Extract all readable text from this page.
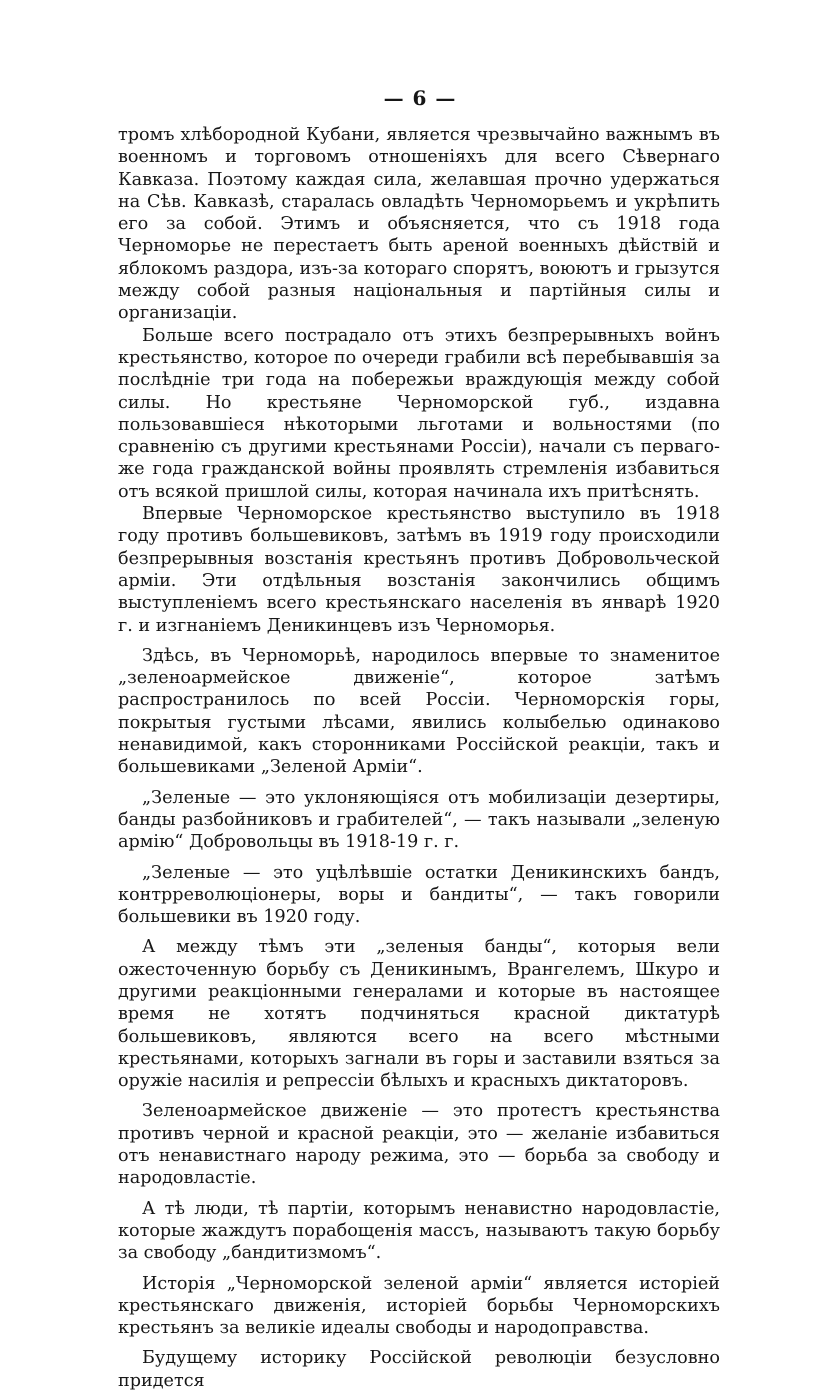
— 6 —

тромъ хлѣбородной Кубани, является чрезвычайно важнымъ въ военномъ и торговомъ отношеніяхъ для всего Сѣвернаго Кавказа. Поэтому каждая сила, желавшая прочно удержаться на Сѣв. Кавказѣ, старалась овладѣть Черноморьемъ и укрѣпить его за собой. Этимъ и объясняется, что съ 1918 года Черноморье не перестаетъ быть ареной военныхъ дѣйствій и яблокомъ раздора, изъ-за котораго спорятъ, воюютъ и грызутся между собой разныя національныя и партійныя силы и организаціи.

Больше всего пострадало отъ этихъ безпрерывныхъ войнъ крестьянство, которое по очереди грабили всѣ перебывавшія за послѣдніе три года на побережьи враждующія между собой силы. Но крестьяне Черноморской губ., издавна пользовавшіеся нѣкоторыми льготами и вольностями (по сравненію съ другими крестьянами Россіи), начали съ перваго-же года гражданской войны проявлять стремленія избавиться отъ всякой пришлой силы, которая начинала ихъ притѣснять.

Впервые Черноморское крестьянство выступило въ 1918 году противъ большевиковъ, затѣмъ въ 1919 году происходили безпрерывныя возстанія крестьянъ противъ Добровольческой арміи. Эти отдѣльныя возстанія закончились общимъ выступленіемъ всего крестьянскаго населенія въ январѣ 1920 г. и изгнаніемъ Деникинцевъ изъ Черноморья.

Здѣсь, въ Черноморьѣ, народилось впервые то знаменитое „зеленоармейское движеніе“, которое затѣмъ распространилось по всей Россіи. Черноморскія горы, покрытыя густыми лѣсами, явились колыбелью одинаково ненавидимой, какъ сторонниками Россійской реакціи, такъ и большевиками „Зеленой Арміи“.

„Зеленые — это уклоняющіяся отъ мобилизаціи дезертиры, банды разбойниковъ и грабителей“, — такъ называли „зеленую армію“ Добровольцы въ 1918-19 г. г.

„Зеленые — это уцѣлѣвшіе остатки Деникинскихъ бандъ, контрреволюціонеры, воры и бандиты“, — такъ говорили большевики въ 1920 году.

А между тѣмъ эти „зеленыя банды“, которыя вели ожесточенную борьбу съ Деникинымъ, Врангелемъ, Шкуро и другими реакціонными генералами и которые въ настоящее время не хотятъ подчиняться красной диктатурѣ большевиковъ, являются всего на всего мѣстными крестьянами, которыхъ загнали въ горы и заставили взяться за оружіе насилія и репрессіи бѣлыхъ и красныхъ диктаторовъ.

Зеленоармейское движеніе — это протестъ крестьянства противъ черной и красной реакціи, это — желаніе избавиться отъ ненавистнаго народу режима, это — борьба за свободу и народовластіе.

А тѣ люди, тѣ партіи, которымъ ненавистно народовластіе, которые жаждутъ порабощенія массъ, называютъ такую борьбу за свободу „бандитизмомъ“.

Исторія „Черноморской зеленой арміи“ является исторіей крестьянскаго движенія, исторіей борьбы Черноморскихъ крестьянъ за великіе идеалы свободы и народоправства.

Будущему историку Россійской революціи безусловно придется
